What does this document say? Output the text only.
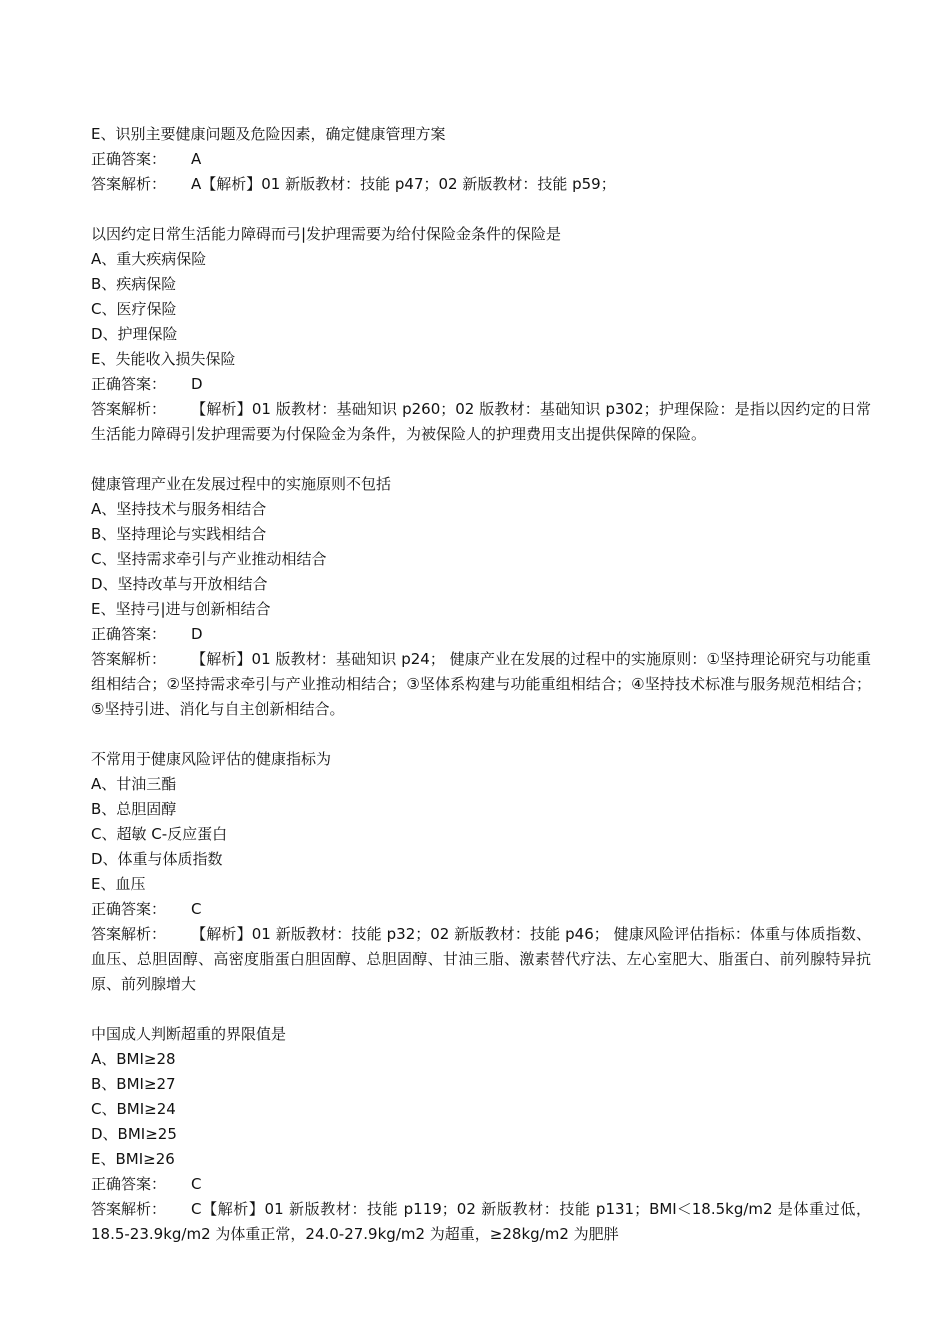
E、识别主要健康问题及危险因素，确定健康管理方案
正确答案：	A
答案解析：	A【解析】01 新版教材：技能 p47；02 新版教材：技能 p59；
以因约定日常生活能力障碍而弓|发护理需要为给付保险金条件的保险是
A、重大疾病保险
B、疾病保险
C、医疗保险
D、护理保险
E、失能收入损失保险
正确答案：	D
答案解析： 【解析】01 版教材：基础知识 p260；02 版教材：基础知识 p302；护理保险：是指以因约定的日常生活能力障碍引发护理需要为付保险金为条件，为被保险人的护理费用支出提供保障的保险。
健康管理产业在发展过程中的实施原则不包括
A、坚持技术与服务相结合
B、坚持理论与实践相结合
C、坚持需求牵引与产业推动相结合
D、坚持改革与开放相结合
E、坚持弓|进与创新相结合
正确答案：	D
答案解析： 【解析】01 版教材：基础知识 p24； 健康产业在发展的过程中的实施原则：①坚持理论研究与功能重组相结合；②坚持需求牵引与产业推动相结合；③坚体系构建与功能重组相结合；④坚持技术标准与服务规范相结合；⑤坚持引进、消化与自主创新相结合。
不常用于健康风险评估的健康指标为
A、甘油三酯
B、总胆固醇
C、超敏 C-反应蛋白
D、体重与体质指数
E、血压
正确答案：	C
答案解析： 【解析】01 新版教材：技能 p32；02 新版教材：技能 p46； 健康风险评估指标：体重与体质指数、血压、总胆固醇、高密度脂蛋白胆固醇、总胆固醇、甘油三脂、激素替代疗法、左心室肥大、脂蛋白、前列腺特异抗原、前列腺增大
中国成人判断超重的界限值是
A、BMI≥28
B、BMI≥27
C、BMI≥24
D、BMI≥25
E、BMI≥26
正确答案：	C
答案解析： C【解析】01 新版教材：技能 p119；02 新版教材：技能 p131；BMI＜18.5kg/m2 是体重过低，18.5-23.9kg/m2 为体重正常，24.0-27.9kg/m2 为超重，≥28kg/m2 为肥胖
